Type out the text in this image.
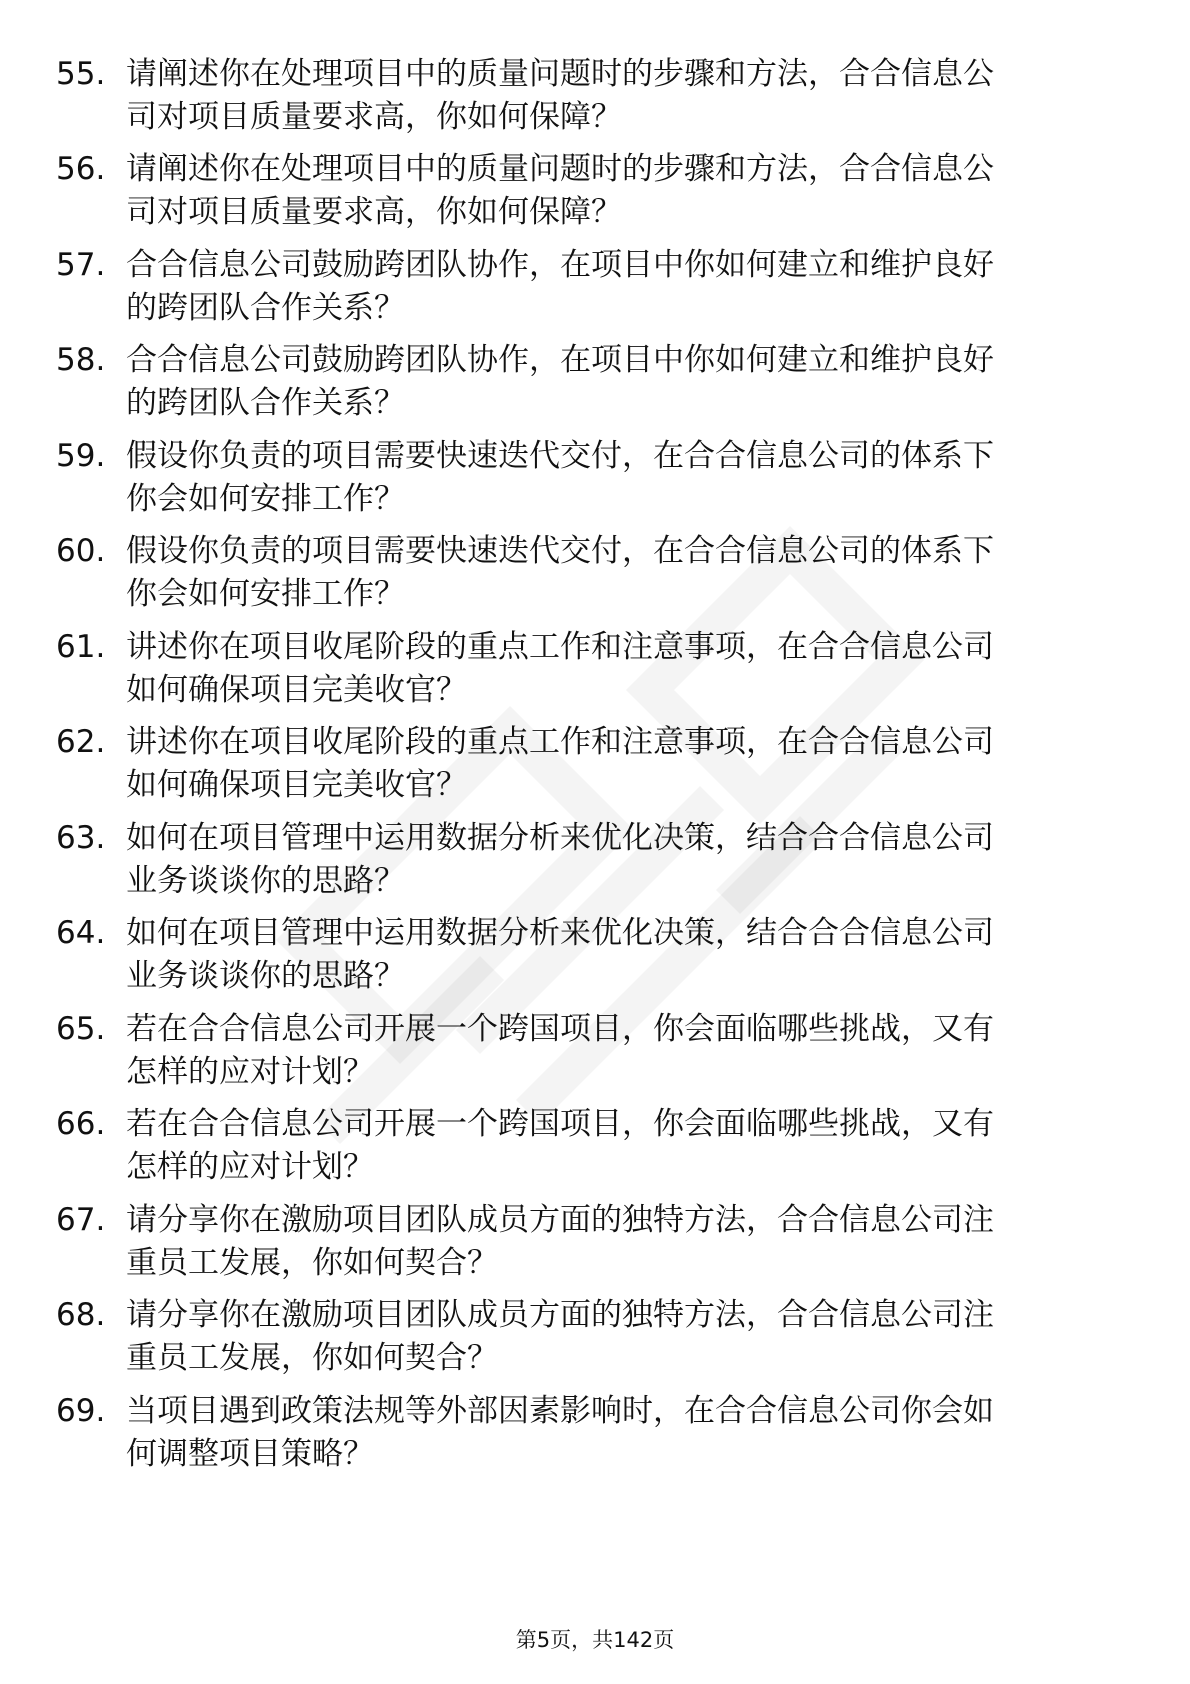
55. 请阐述你在处理项目中的质量问题时的步骤和方法，合合信息公
司对项目质量要求高，你如何保障？
56. 请阐述你在处理项目中的质量问题时的步骤和方法，合合信息公
司对项目质量要求高，你如何保障？
57. 合合信息公司鼓励跨团队协作，在项目中你如何建立和维护良好
的跨团队合作关系？
58. 合合信息公司鼓励跨团队协作，在项目中你如何建立和维护良好
的跨团队合作关系？
59. 假设你负责的项目需要快速迭代交付，在合合信息公司的体系下
你会如何安排工作？
60. 假设你负责的项目需要快速迭代交付，在合合信息公司的体系下
你会如何安排工作？
61. 讲述你在项目收尾阶段的重点工作和注意事项，在合合信息公司
如何确保项目完美收官？
62. 讲述你在项目收尾阶段的重点工作和注意事项，在合合信息公司
如何确保项目完美收官？
63. 如何在项目管理中运用数据分析来优化决策，结合合合信息公司
业务谈谈你的思路？
64. 如何在项目管理中运用数据分析来优化决策，结合合合信息公司
业务谈谈你的思路？
65. 若在合合信息公司开展一个跨国项目，你会面临哪些挑战，又有
怎样的应对计划？
66. 若在合合信息公司开展一个跨国项目，你会面临哪些挑战，又有
怎样的应对计划？
67. 请分享你在激励项目团队成员方面的独特方法，合合信息公司注
重员工发展，你如何契合？
68. 请分享你在激励项目团队成员方面的独特方法，合合信息公司注
重员工发展，你如何契合？
69. 当项目遇到政策法规等外部因素影响时，在合合信息公司你会如
何调整项目策略？
第5页，共142页
